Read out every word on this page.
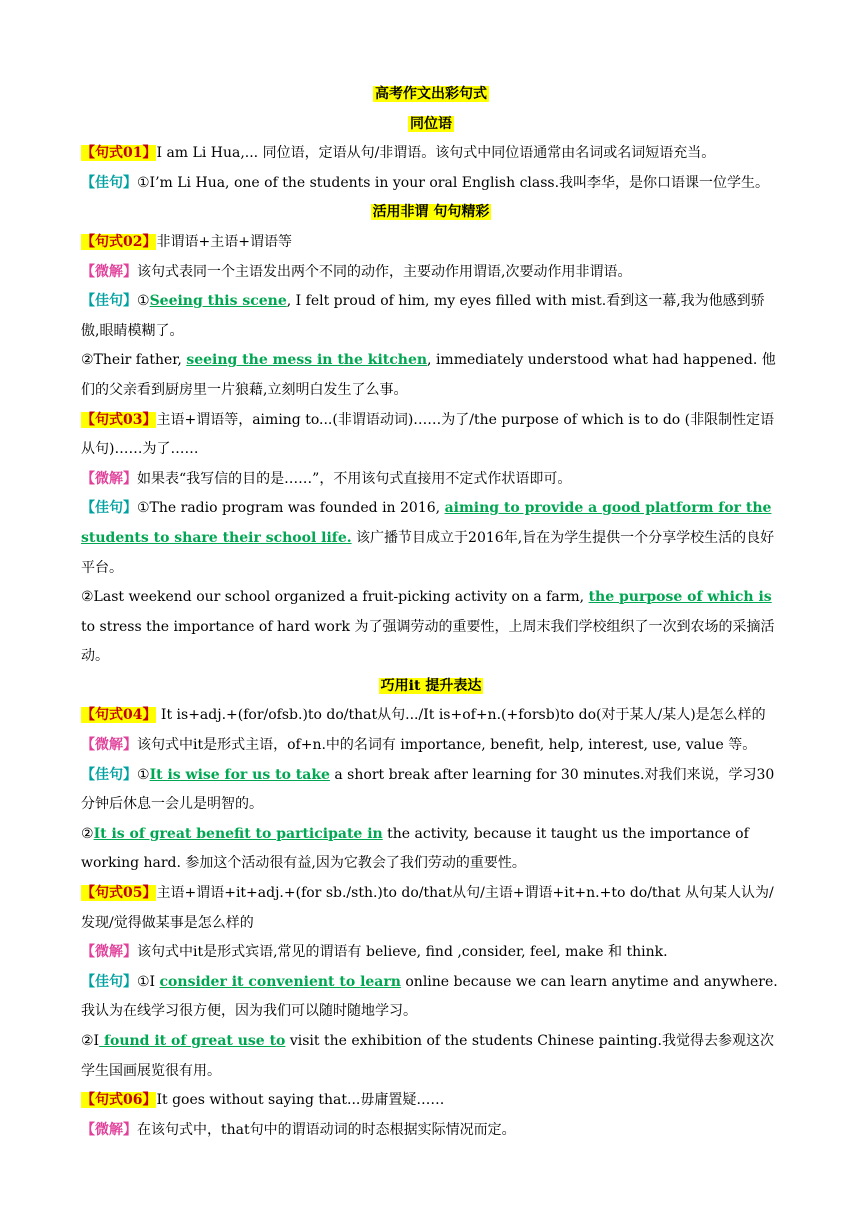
高考作文出彩句式
同位语
【句式01】I am Li Hua,... 同位语，定语从句/非谓语。该句式中同位语通常由名词或名词短语充当。
【佳句】①I’m Li Hua, one of the students in your oral English class.我叫李华，是你口语课一位学生。
活用非谓 句句精彩
【句式02】非谓语+主语+谓语等
【微解】该句式表同一个主语发出两个不同的动作，主要动作用谓语,次要动作用非谓语。
【佳句】①Seeing this scene, I felt proud of him, my eyes filled with mist.看到这一幕,我为他感到骄傲,眼睛模糊了。
②Their father, seeing the mess in the kitchen, immediately understood what had happened. 他们的父亲看到厨房里一片狼藉,立刻明白发生了么事。
【句式03】主语+谓语等，aiming to...(非谓语动词)……为了/the purpose of which is to do (非限制性定语从句)……为了……
【微解】如果表“我写信的目的是……”，不用该句式直接用不定式作状语即可。
【佳句】①The radio program was founded in 2016, aiming to provide a good platform for the students to share their school life. 该广播节目成立于2016年,旨在为学生提供一个分享学校生活的良好平台。
②Last weekend our school organized a fruit-picking activity on a farm, the purpose of which is to stress the importance of hard work 为了强调劳动的重要性，上周末我们学校组织了一次到农场的采摘活动。
巧用it 提升表达
【句式04】 It is+adj.+(for/ofsb.)to do/that从句.../It is+of+n.(+forsb)to do(对于某人/某人)是怎么样的
【微解】该句式中it是形式主语，of+n.中的名词有 importance, benefit, help, interest, use, value 等。
【佳句】①It is wise for us to take a short break after learning for 30 minutes.对我们来说，学习30分钟后休息一会儿是明智的。
②It is of great benefit to participate in the activity, because it taught us the importance of working hard. 参加这个活动很有益,因为它教会了我们劳动的重要性。
【句式05】主语+谓语+it+adj.+(for sb./sth.)to do/that从句/主语+谓语+it+n.+to do/that 从句某人认为/发现/觉得做某事是怎么样的
【微解】该句式中it是形式宾语,常见的谓语有 believe, find ,consider, feel, make 和 think.
【佳句】①I consider it convenient to learn online because we can learn anytime and anywhere. 我认为在线学习很方便，因为我们可以随时随地学习。
②I found it of great use to visit the exhibition of the students Chinese painting.我觉得去参观这次学生国画展览很有用。
【句式06】It goes without saying that...毋庸置疑……
【微解】在该句式中，that句中的谓语动词的时态根据实际情况而定。
